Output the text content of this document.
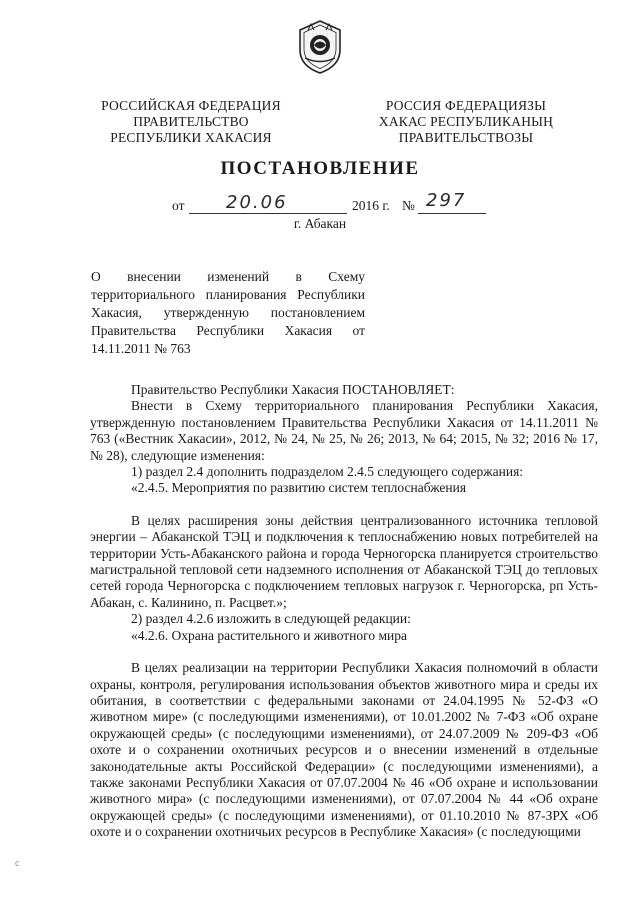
РОССИЙСКАЯ ФЕДЕРАЦИЯ
ПРАВИТЕЛЬСТВО
РЕСПУБЛИКИ ХАКАСИЯ
РОССИЯ ФЕДЕРАЦИЯЗЫ
ХАКАС РЕСПУБЛИКАНЫҢ
ПРАВИТЕЛЬСТВОЗЫ
ПОСТАНОВЛЕНИЕ
от 20.06	2016 г. № 297
г. Абакан
О внесении изменений в Схему территориального планирования Республики Хакасия, утвержденную постановлением Правительства Республики Хакасия от 14.11.2011 № 763

Правительство Республики Хакасия ПОСТАНОВЛЯЕТ:

Внести в Схему территориального планирования Республики Хакасия, утвержденную постановлением Правительства Республики Хакасия от 14.11.2011 № 763 («Вестник Хакасии», 2012, № 24, № 25, № 26; 2013, № 64; 2015, № 32; 2016 № 17, № 28), следующие изменения:

1) раздел 2.4 дополнить подразделом 2.4.5 следующего содержания:

«2.4.5. Мероприятия по развитию систем теплоснабжения

В целях расширения зоны действия централизованного источника тепловой энергии – Абаканской ТЭЦ и подключения к теплоснабжению новых потребителей на территории Усть-Абаканского района и города Черногорска планируется строительство магистральной тепловой сети надземного исполнения от Абаканской ТЭЦ до тепловых сетей города Черногорска с подключением тепловых нагрузок г. Черногорска, рп Усть-Абакан, с. Калинино, п. Расцвет.»;

2) раздел 4.2.6 изложить в следующей редакции:

«4.2.6. Охрана растительного и животного мира

В целях реализации на территории Республики Хакасия полномочий в области охраны, контроля, регулирования использования объектов животного мира и среды их обитания, в соответствии с федеральными законами от 24.04.1995 № 52-ФЗ «О животном мире» (с последующими изменениями), от 10.01.2002 № 7-ФЗ «Об охране окружающей среды» (с последующими изменениями), от 24.07.2009 № 209-ФЗ «Об охоте и о сохранении охотничьих ресурсов и о внесении изменений в отдельные законодательные акты Российской Федерации» (с последующими изменениями), а также законами Республики Хакасия от 07.07.2004 № 46 «Об охране и использовании животного мира» (с последующими изменениями), от 07.07.2004 № 44 «Об охране окружающей среды» (с последующими изменениями), от 01.10.2010 № 87-ЗРХ «Об охоте и о сохранении охотничьих ресурсов в Республике Хакасия» (с последующими

с
